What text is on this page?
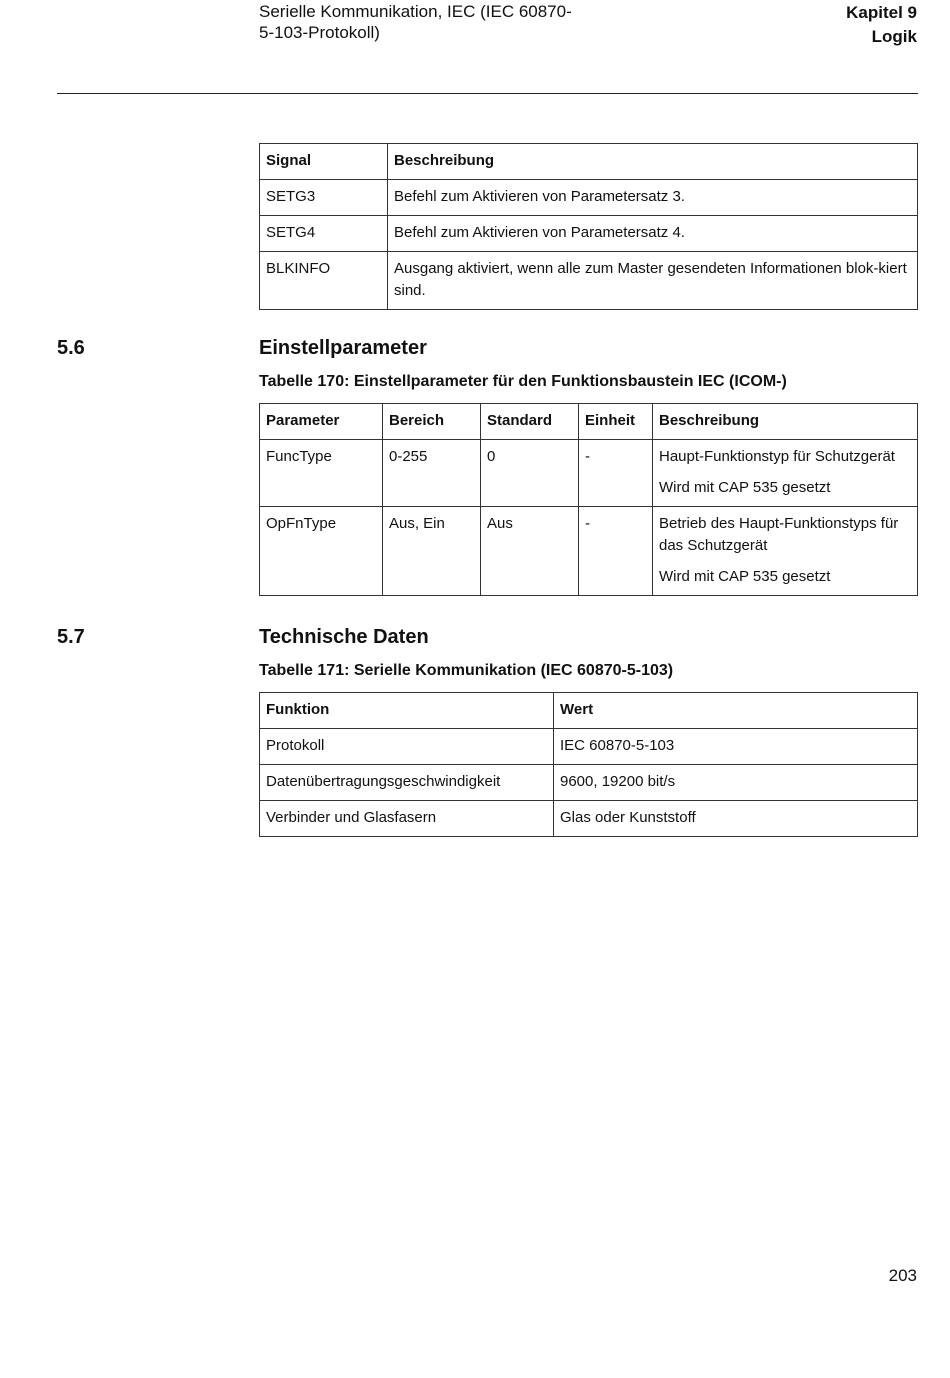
Serielle Kommunikation, IEC (IEC 60870-
5-103-Protokoll)
Kapitel 9
Logik
Signal	Beschreibung
SETG3	Befehl zum Aktivieren von Parametersatz 3.
SETG4	Befehl zum Aktivieren von Parametersatz 4.
BLKINFO	Ausgang aktiviert, wenn alle zum Master gesendeten Informationen blok-kiert sind.
5.6	Einstellparameter
Tabelle 170: Einstellparameter für den Funktionsbaustein IEC (ICOM-)
Parameter	Bereich	Standard	Einheit	Beschreibung
FuncType	0-255	0	-	Haupt-Funktionstyp für Schutzgerät

Wird mit CAP 535 gesetzt

OpFnType	Aus, Ein	Aus	-	Betrieb des Haupt-Funktionstyps für das Schutzgerät

Wird mit CAP 535 gesetzt

5.7	Technische Daten
Tabelle 171: Serielle Kommunikation (IEC 60870-5-103)
Funktion	Wert
Protokoll	IEC 60870-5-103
Datenübertragungsgeschwindigkeit	9600, 19200 bit/s
Verbinder und Glasfasern	Glas oder Kunststoff
203
